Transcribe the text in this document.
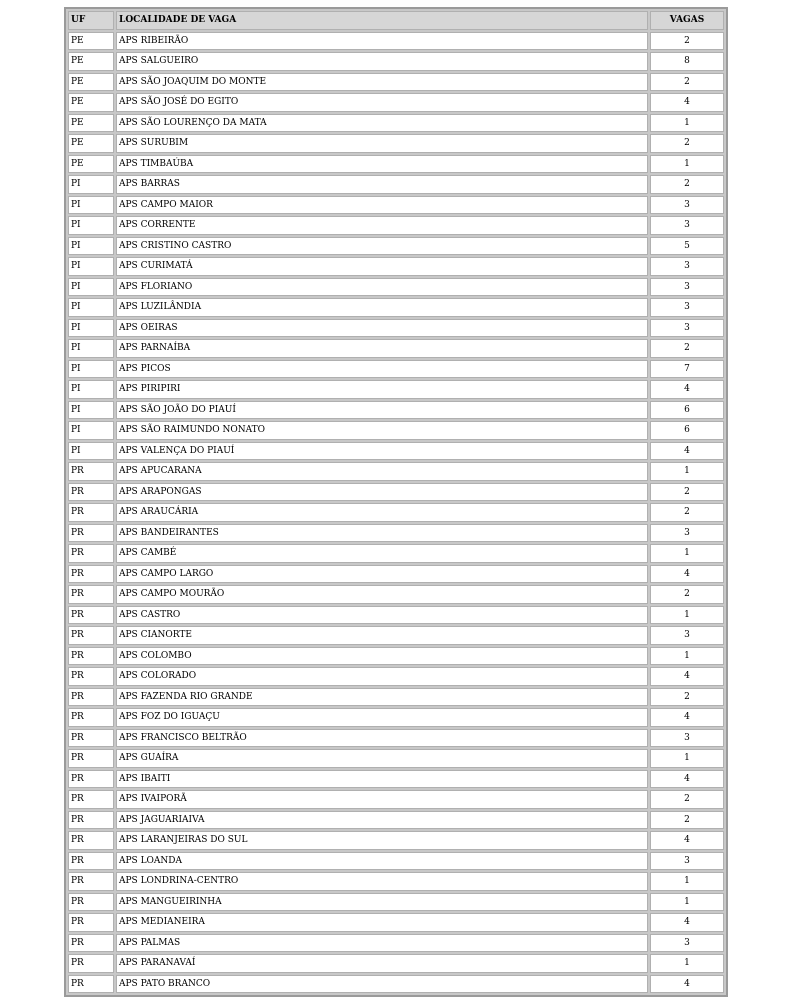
UF	LOCALIDADE DE VAGA	VAGAS
PE	APS RIBEIRÃO	2
PE	APS SALGUEIRO	8
PE	APS SÃO JOAQUIM DO MONTE	2
PE	APS SÃO JOSÉ DO EGITO	4
PE	APS SÃO LOURENÇO DA MATA	1
PE	APS SURUBIM	2
PE	APS TIMBAÚBA	1
PI	APS BARRAS	2
PI	APS CAMPO MAIOR	3
PI	APS CORRENTE	3
PI	APS CRISTINO CASTRO	5
PI	APS CURIMATÁ	3
PI	APS FLORIANO	3
PI	APS LUZILÂNDIA	3
PI	APS OEIRAS	3
PI	APS PARNAÍBA	2
PI	APS PICOS	7
PI	APS PIRIPIRI	4
PI	APS SÃO JOÃO DO PIAUÍ	6
PI	APS SÃO RAIMUNDO NONATO	6
PI	APS VALENÇA DO PIAUÍ	4
PR	APS APUCARANA	1
PR	APS ARAPONGAS	2
PR	APS ARAUCÁRIA	2
PR	APS BANDEIRANTES	3
PR	APS CAMBÉ	1
PR	APS CAMPO LARGO	4
PR	APS CAMPO MOURÃO	2
PR	APS CASTRO	1
PR	APS CIANORTE	3
PR	APS COLOMBO	1
PR	APS COLORADO	4
PR	APS FAZENDA RIO GRANDE	2
PR	APS FOZ DO IGUAÇU	4
PR	APS FRANCISCO BELTRÃO	3
PR	APS GUAÍRA	1
PR	APS IBAITI	4
PR	APS IVAIPORÃ	2
PR	APS JAGUARIAIVA	2
PR	APS LARANJEIRAS DO SUL	4
PR	APS LOANDA	3
PR	APS LONDRINA-CENTRO	1
PR	APS MANGUEIRINHA	1
PR	APS MEDIANEIRA	4
PR	APS PALMAS	3
PR	APS PARANAVAÍ	1
PR	APS PATO BRANCO	4
